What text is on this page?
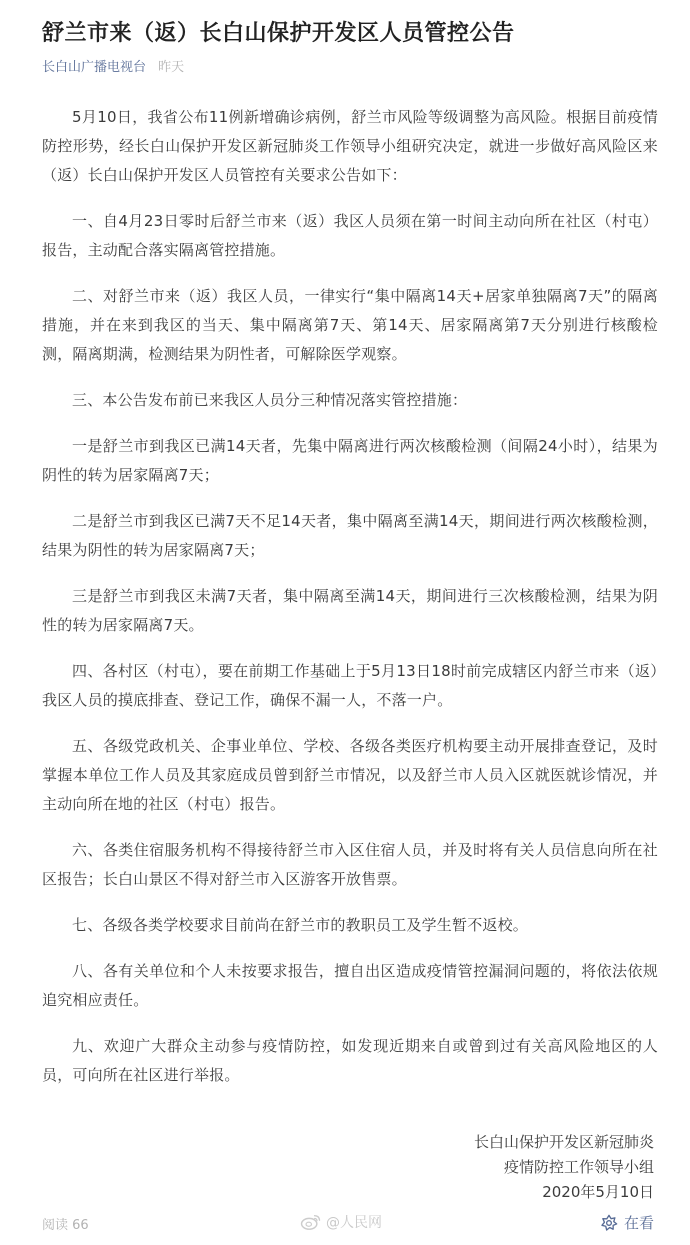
舒兰市来（返）长白山保护开发区人员管控公告
长白山广播电视台 昨天

5月10日，我省公布11例新增确诊病例，舒兰市风险等级调整为高风险。根据目前疫情防控形势，经长白山保护开发区新冠肺炎工作领导小组研究决定，就进一步做好高风险区来（返）长白山保护开发区人员管控有关要求公告如下：

一、自4月23日零时后舒兰市来（返）我区人员须在第一时间主动向所在社区（村屯）报告，主动配合落实隔离管控措施。

二、对舒兰市来（返）我区人员，一律实行“集中隔离14天+居家单独隔离7天”的隔离措施，并在来到我区的当天、集中隔离第7天、第14天、居家隔离第7天分别进行核酸检测，隔离期满，检测结果为阴性者，可解除医学观察。

三、本公告发布前已来我区人员分三种情况落实管控措施：

一是舒兰市到我区已满14天者，先集中隔离进行两次核酸检测（间隔24小时），结果为阴性的转为居家隔离7天；

二是舒兰市到我区已满7天不足14天者，集中隔离至满14天，期间进行两次核酸检测，结果为阴性的转为居家隔离7天；

三是舒兰市到我区未满7天者，集中隔离至满14天，期间进行三次核酸检测，结果为阴性的转为居家隔离7天。

四、各村区（村屯），要在前期工作基础上于5月13日18时前完成辖区内舒兰市来（返）我区人员的摸底排查、登记工作，确保不漏一人，不落一户。

五、各级党政机关、企事业单位、学校、各级各类医疗机构要主动开展排查登记，及时掌握本单位工作人员及其家庭成员曾到舒兰市情况，以及舒兰市人员入区就医就诊情况，并主动向所在地的社区（村屯）报告。

六、各类住宿服务机构不得接待舒兰市入区住宿人员，并及时将有关人员信息向所在社区报告；长白山景区不得对舒兰市入区游客开放售票。

七、各级各类学校要求目前尚在舒兰市的教职员工及学生暂不返校。

八、各有关单位和个人未按要求报告，擅自出区造成疫情管控漏洞问题的，将依法依规追究相应责任。

九、欢迎广大群众主动参与疫情防控，如发现近期来自或曾到过有关高风险地区的人员，可向所在社区进行举报。

长白山保护开发区新冠肺炎
疫情防控工作领导小组
2020年5月10日
阅读 66	@人民网	在看
